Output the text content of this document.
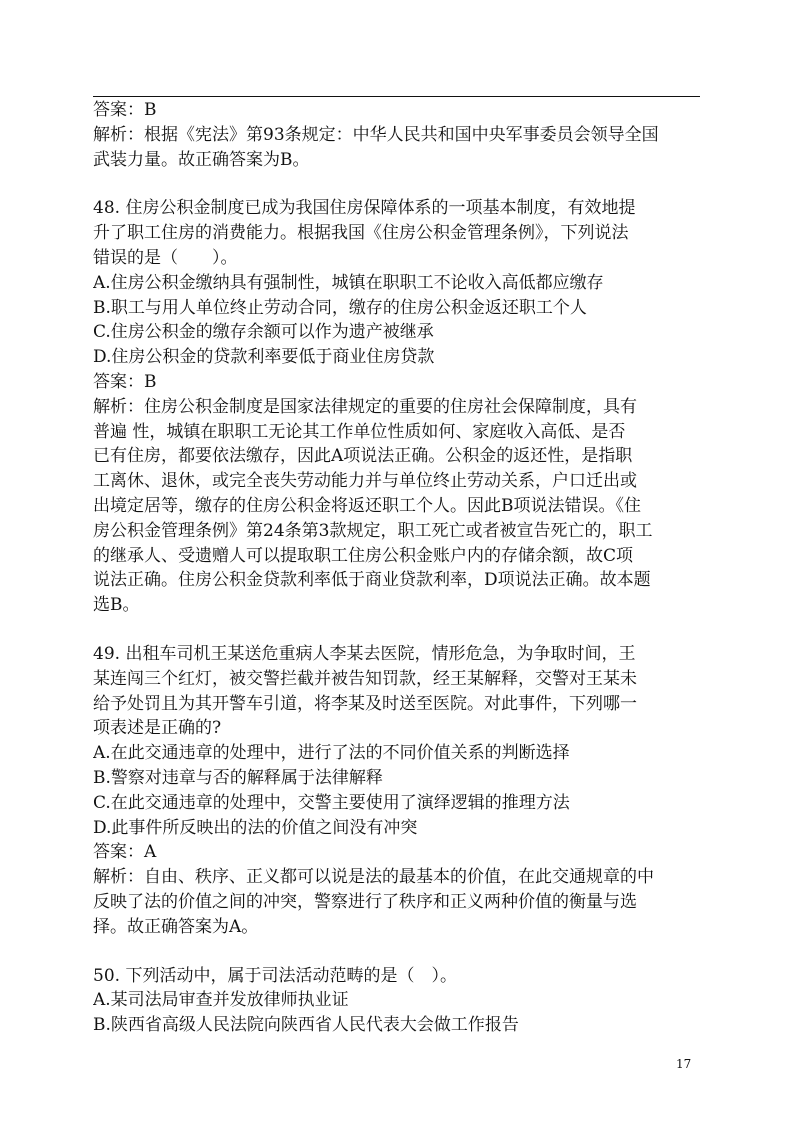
答案：B
解析：根据《宪法》第93条规定：中华人民共和国中央军事委员会领导全国
武装力量。故正确答案为B。
48. 住房公积金制度已成为我国住房保障体系的一项基本制度，有效地提
升了职工住房的消费能力。根据我国《住房公积金管理条例》，下列说法
错误的是（　　）。
A.住房公积金缴纳具有强制性，城镇在职职工不论收入高低都应缴存
B.职工与用人单位终止劳动合同，缴存的住房公积金返还职工个人
C.住房公积金的缴存余额可以作为遗产被继承
D.住房公积金的贷款利率要低于商业住房贷款
答案：B
解析：住房公积金制度是国家法律规定的重要的住房社会保障制度，具有
普遍 性，城镇在职职工无论其工作单位性质如何、家庭收入高低、是否
已有住房，都要依法缴存，因此A项说法正确。公积金的返还性，是指职
工离休、退休，或完全丧失劳动能力并与单位终止劳动关系，户口迁出或
出境定居等，缴存的住房公积金将返还职工个人。因此B项说法错误。《住
房公积金管理条例》第24条第3款规定，职工死亡或者被宣告死亡的，职工
的继承人、受遗赠人可以提取职工住房公积金账户内的存储余额，故C项
说法正确。住房公积金贷款利率低于商业贷款利率，D项说法正确。故本题
选B。
49. 出租车司机王某送危重病人李某去医院，情形危急，为争取时间，王
某连闯三个红灯，被交警拦截并被告知罚款，经王某解释，交警对王某未
给予处罚且为其开警车引道，将李某及时送至医院。对此事件，下列哪一
项表述是正确的?
A.在此交通违章的处理中，进行了法的不同价值关系的判断选择
B.警察对违章与否的解释属于法律解释
C.在此交通违章的处理中，交警主要使用了演绎逻辑的推理方法
D.此事件所反映出的法的价值之间没有冲突
答案：A
解析：自由、秩序、正义都可以说是法的最基本的价值，在此交通规章的中
反映了法的价值之间的冲突，警察进行了秩序和正义两种价值的衡量与选
择。故正确答案为A。
50. 下列活动中，属于司法活动范畴的是（　）。
A.某司法局审查并发放律师执业证
B.陕西省高级人民法院向陕西省人民代表大会做工作报告
17
